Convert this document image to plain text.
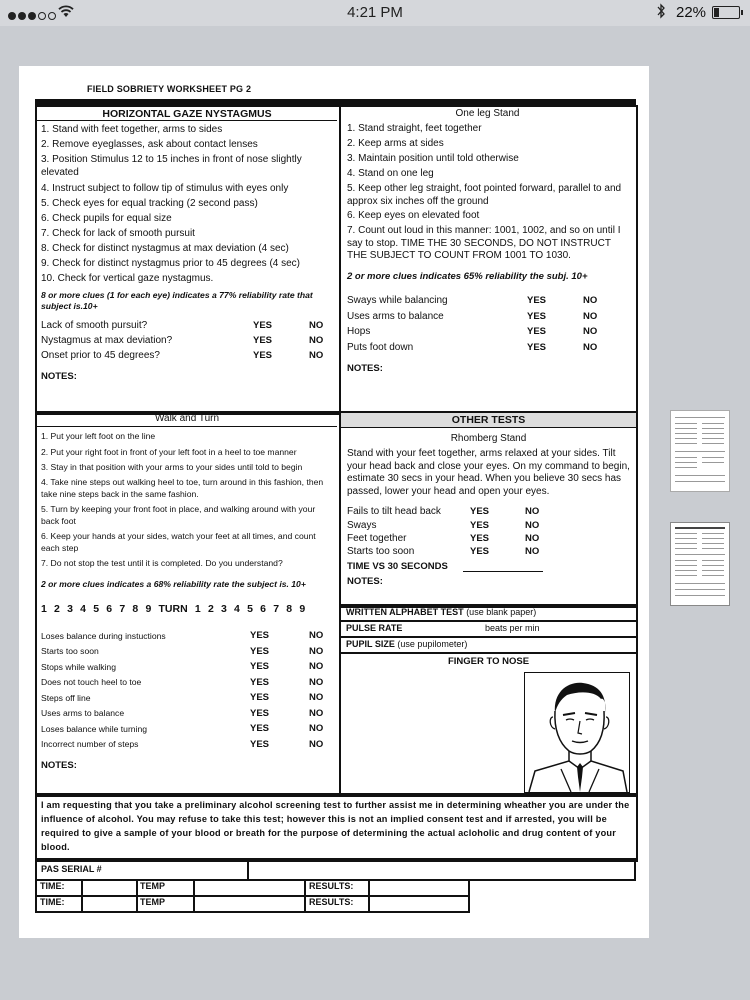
4:21 PM	22%
FIELD SOBRIETY WORKSHEET PG 2
HORIZONTAL GAZE NYSTAGMUS
1. Stand with feet together, arms to sides
2. Remove eyeglasses, ask about contact lenses
3. Position Stimulus 12 to 15 inches in front of nose slightly elevated
4. Instruct subject to follow tip of stimulus with eyes only
5. Check eyes for equal tracking (2 second pass)
6. Check pupils for equal size
7. Check for lack of smooth pursuit
8. Check for distinct nystagmus at max deviation (4 sec)
9. Check for distinct nystagmus prior to 45 degrees (4 sec)
10. Check for vertical gaze nystagmus.
8 or more clues (1 for each eye) indicates a 77% reliability rate that subject is.10+
Lack of smooth pursuit?	YES	NO
Nystagmus at max deviation?	YES	NO
Onset prior to 45 degrees?	YES	NO
NOTES:
One leg Stand
1. Stand straight, feet together
2. Keep arms at sides
3. Maintain position until told otherwise
4. Stand on one leg
5. Keep other leg straight, foot pointed forward, parallel to and approx six inches off the ground
6. Keep eyes on elevated foot
7. Count out loud in this manner: 1001, 1002, and so on until I say to stop. TIME THE 30 SECONDS, DO NOT INSTRUCT THE SUBJECT TO COUNT FROM 1001 TO 1030.
2 or more clues indicates 65% reliability the subj. 10+
Sways while balancing	YES	NO
Uses arms to balance	YES	NO
Hops	YES	NO
Puts foot down	YES	NO
NOTES:
Walk and Turn
1. Put your left foot on the line
2. Put your right foot in front of your left foot in a heel to toe manner
3. Stay in that position with your arms to your sides until told to begin
4. Take nine steps out walking heel to toe, turn around in this fashion, then take nine steps back in the same fashion.
5. Turn by keeping your front foot in place, and walking around with your back foot
6. Keep your hands at your sides, watch your feet at all times, and count each step
7. Do not stop the test until it is completed. Do you understand?
2 or more clues indicates a 68% reliability rate the subject is. 10+
1 2 3 4 5 6 7 8 9 TURN 1 2 3 4 5 6 7 8 9
Loses balance during instuctions	YES	NO
Starts too soon	YES	NO
Stops while walking	YES	NO
Does not touch heel to toe	YES	NO
Steps off line	YES	NO
Uses arms to balance	YES	NO
Loses balance while turning	YES	NO
Incorrect number of steps	YES	NO
NOTES:
OTHER TESTS
Rhomberg Stand
Stand with your feet together, arms relaxed at your sides. Tilt your head back and close your eyes. On my command to begin, estimate 30 secs in your head. When you believe 30 secs has passed, lower your head and open your eyes.
Fails to tilt head back	YES	NO
Sways	YES	NO
Feet together	YES	NO
Starts too soon	YES	NO
TIME VS 30 SECONDS
NOTES:
WRITTEN ALPHABET TEST (use blank paper)
PULSE RATE	beats per min
PUPIL SIZE (use pupilometer)
FINGER TO NOSE
I am requesting that you take a preliminary alcohol screening test to further assist me in determining wheather you are under the influence of alcohol. You may refuse to take this test; however this is not an implied consent test and if arrested, you will be required to give a sample of your blood or breath for the purpose of determining the actual acloholic and drug content of your blood.
PAS SERIAL #
TIME:	TEMP	RESULTS:
TIME:	TEMP	RESULTS:
